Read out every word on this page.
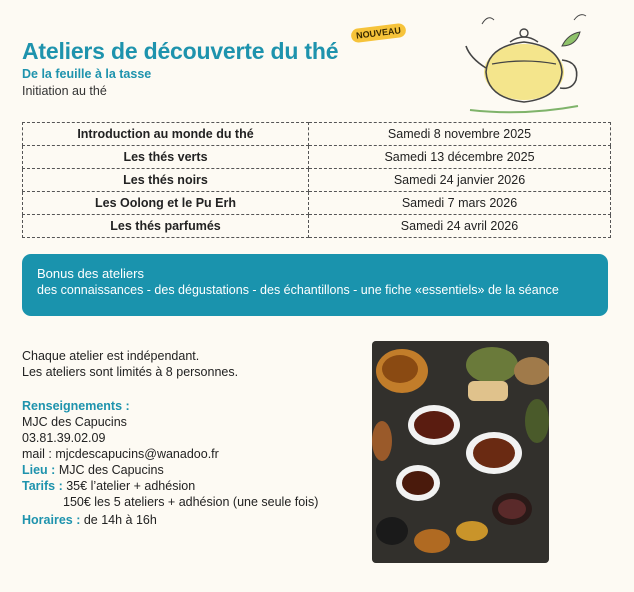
Ateliers de découverte du thé
NOUVEAU
De la feuille à la tasse
Initiation au thé
Introduction au monde du thé	Samedi 8 novembre 2025
Les thés verts	Samedi 13 décembre 2025
Les thés noirs	Samedi 24 janvier 2026
Les Oolong et le Pu Erh	Samedi 7 mars 2026
Les thés parfumés	Samedi 24 avril 2026
Bonus des ateliers
des connaissances - des dégustations - des échantillons - une fiche «essentiels» de la séance
Chaque atelier est indépendant.
Les ateliers sont limités à 8 personnes.
Renseignements :
MJC des Capucins
03.81.39.02.09
mail : mjcdescapucins@wanadoo.fr
Lieu : MJC des Capucins
Tarifs : 35€ l’atelier + adhésion
150€ les 5 ateliers + adhésion (une seule fois)
Horaires : de 14h à 16h
